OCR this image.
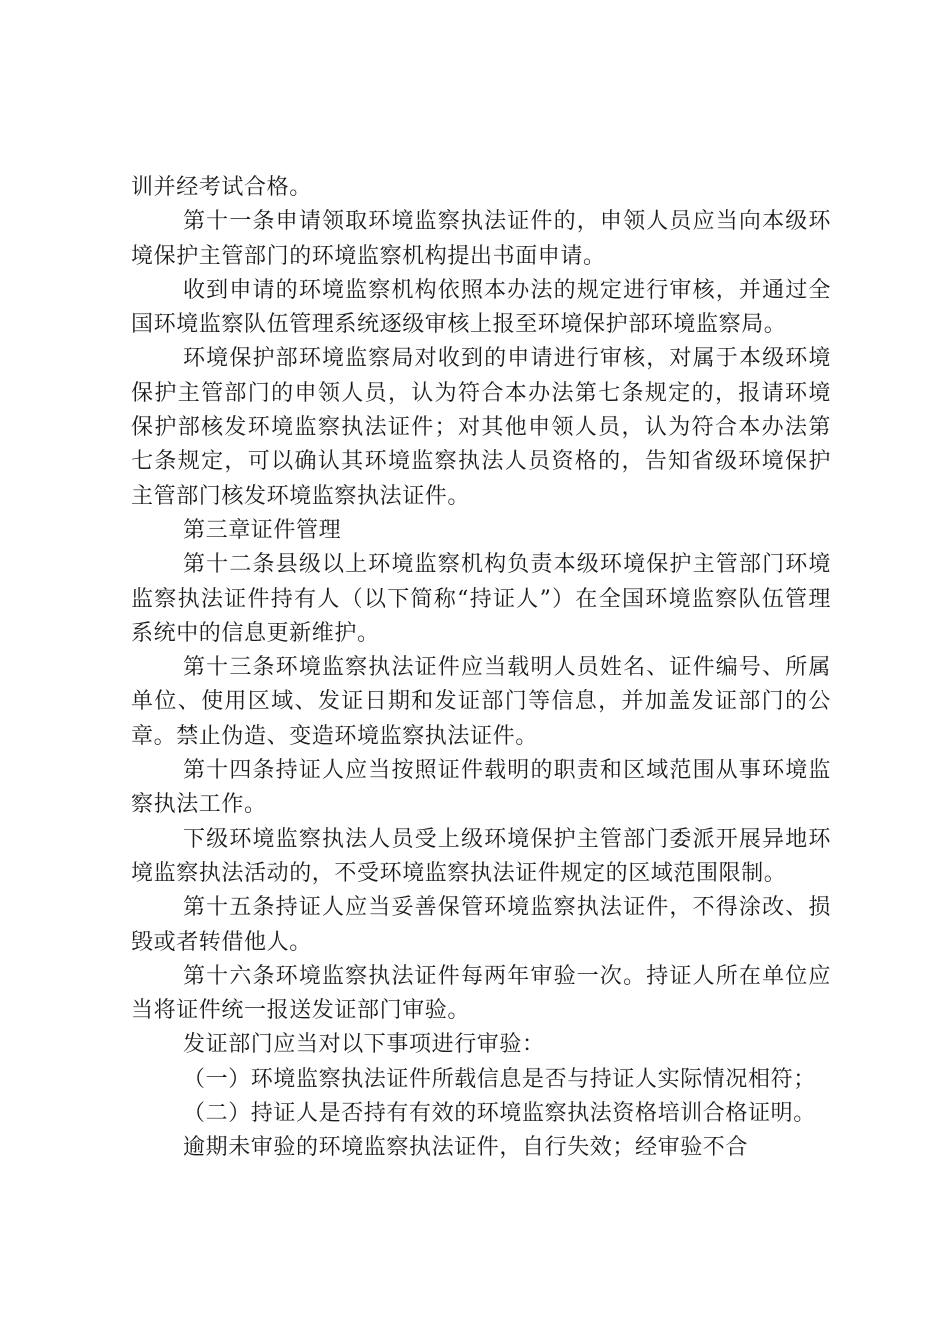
训并经考试合格。

第十一条申请领取环境监察执法证件的，申领人员应当向本级环境保护主管部门的环境监察机构提出书面申请。

收到申请的环境监察机构依照本办法的规定进行审核，并通过全国环境监察队伍管理系统逐级审核上报至环境保护部环境监察局。

环境保护部环境监察局对收到的申请进行审核，对属于本级环境保护主管部门的申领人员，认为符合本办法第七条规定的，报请环境保护部核发环境监察执法证件；对其他申领人员，认为符合本办法第七条规定，可以确认其环境监察执法人员资格的，告知省级环境保护主管部门核发环境监察执法证件。

第三章证件管理

第十二条县级以上环境监察机构负责本级环境保护主管部门环境监察执法证件持有人（以下简称“持证人”）在全国环境监察队伍管理系统中的信息更新维护。

第十三条环境监察执法证件应当载明人员姓名、证件编号、所属单位、使用区域、发证日期和发证部门等信息，并加盖发证部门的公章。禁止伪造、变造环境监察执法证件。

第十四条持证人应当按照证件载明的职责和区域范围从事环境监察执法工作。

下级环境监察执法人员受上级环境保护主管部门委派开展异地环境监察执法活动的，不受环境监察执法证件规定的区域范围限制。

第十五条持证人应当妥善保管环境监察执法证件，不得涂改、损毁或者转借他人。

第十六条环境监察执法证件每两年审验一次。持证人所在单位应当将证件统一报送发证部门审验。

发证部门应当对以下事项进行审验：

（一）环境监察执法证件所载信息是否与持证人实际情况相符；

（二）持证人是否持有有效的环境监察执法资格培训合格证明。

逾期未审验的环境监察执法证件，自行失效；经审验不合
